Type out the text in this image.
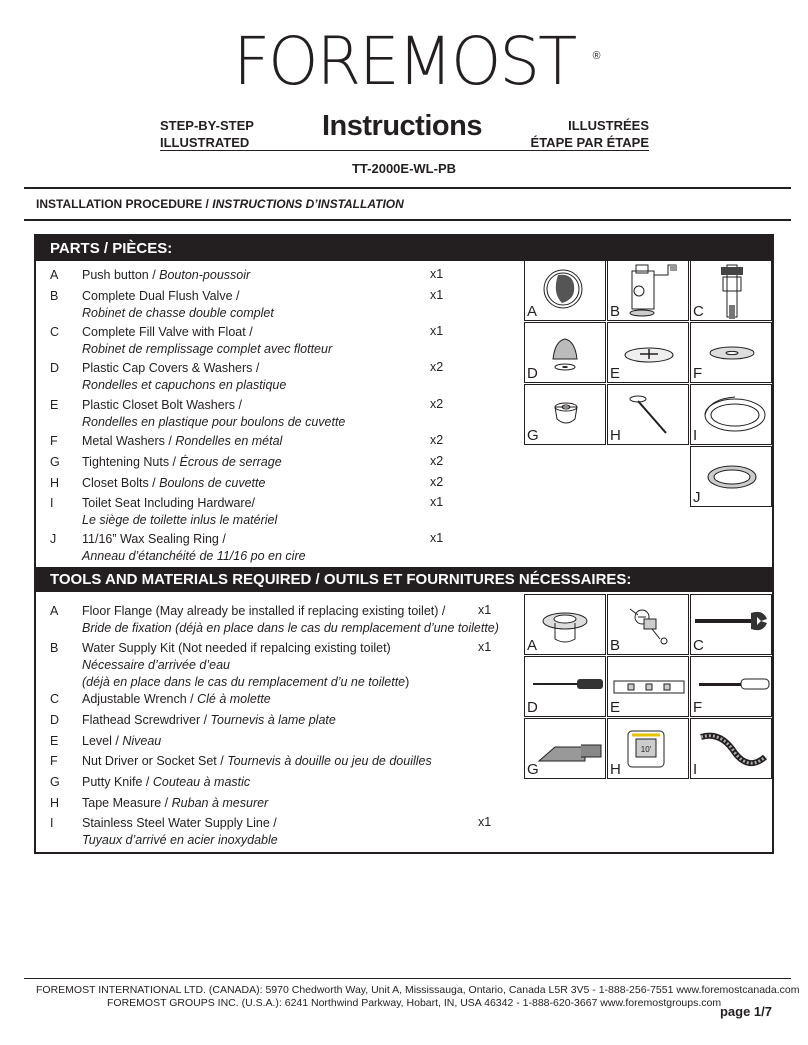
FOREMOST ®
STEP-BY-STEP
ILLUSTRATED
Instructions	ILLUSTRÉES
ÉTAPE PAR ÉTAPE
TT-2000E-WL-PB
INSTALLATION PROCEDURE / INSTRUCTIONS D’INSTALLATION
PARTS / PIÈCES:
A	Push button / Bouton-poussoir	x1
B	Complete Dual Flush Valve /
Robinet de chasse double complet
x1
C	Complete Fill Valve with Float /
Robinet de remplissage complet avec flotteur
x1
D	Plastic Cap Covers & Washers /
Rondelles et capuchons en plastique
x2
E	Plastic Closet Bolt Washers /
Rondelles en plastique pour boulons de cuvette
x2
F	Metal Washers / Rondelles en métal	x2
G	Tightening Nuts / Écrous de serrage	x2
H	Closet Bolts / Boulons de cuvette	x2
I	Toilet Seat Including Hardware/
Le siège de toilette inlus le matériel
x1
J	11/16” Wax Sealing Ring /
Anneau d’étanchéité de 11/16 po en cire
x1
A	B	C
D	E	F
G	H	I
J
TOOLS AND MATERIALS REQUIRED / OUTILS ET FOURNITURES NÉCESSAIRES:
A	Floor Flange (May already be installed if replacing existing toilet) /
Bride de fixation (déjà en place dans le cas du remplacement d’une toilette)
x1
B	Water Supply Kit (Not needed if repalcing existing toilet)
Nécessaire d’arrivée d’eau
(déjà en place dans le cas du remplacement d’u ne toilette)
x1
C	Adjustable Wrench / Clé à molette
D	Flathead Screwdriver / Tournevis à lame plate
E	Level / Niveau
F	Nut Driver or Socket Set / Tournevis à douille ou jeu de douilles
G	Putty Knife / Couteau à mastic
H	Tape Measure / Ruban à mesurer
I	Stainless Steel Water Supply Line /
Tuyaux d’arrivé en acier inoxydable
x1
A	B	C
D	E	F
G
10'
H	I
FOREMOST INTERNATIONAL LTD. (CANADA): 5970 Chedworth Way, Unit A, Mississauga, Ontario, Canada L5R 3V5 - 1-888-256-7551 www.foremostcanada.com
FOREMOST GROUPS INC. (U.S.A.): 6241 Northwind Parkway, Hobart, IN, USA 46342 - 1-888-620-3667 www.foremostgroups.com
page 1/7
